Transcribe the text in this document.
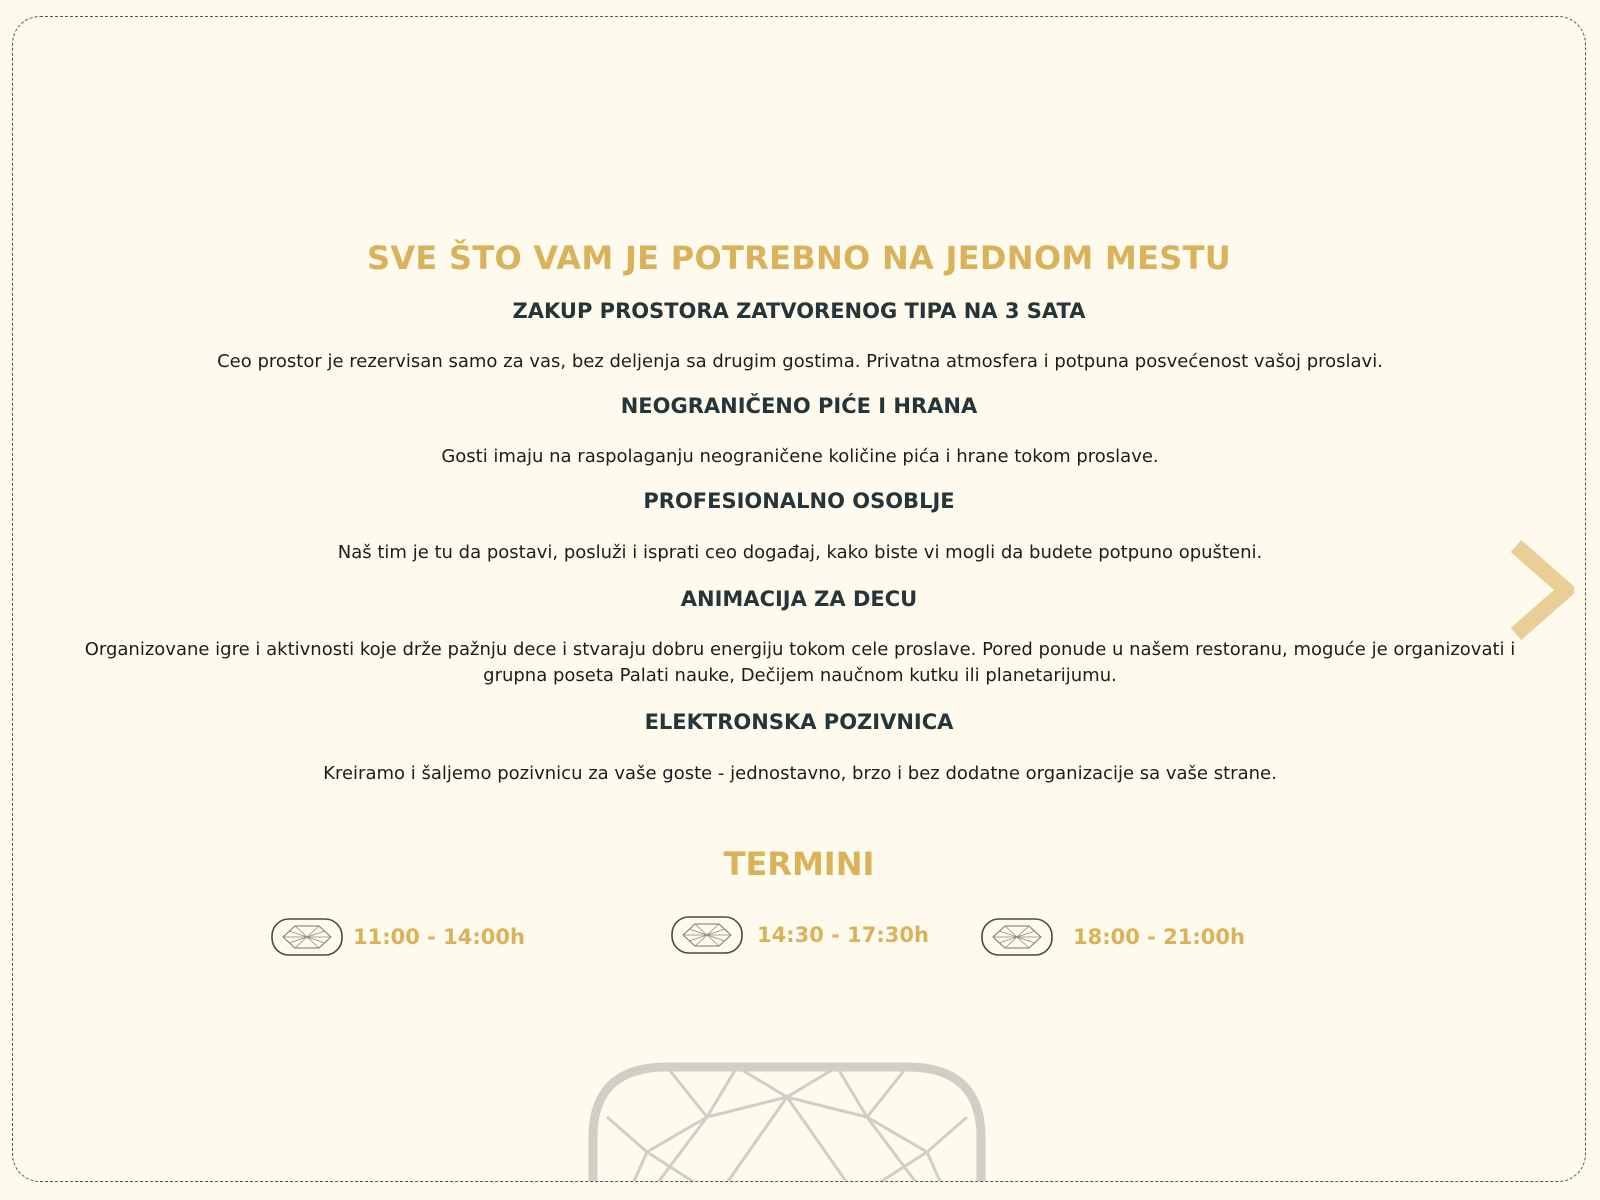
SVE ŠTO VAM JE POTREBNO NA JEDNOM MESTU
ZAKUP PROSTORA ZATVORENOG TIPA NA 3 SATA

Ceo prostor je rezervisan samo za vas, bez deljenja sa drugim gostima. Privatna atmosfera i potpuna posvećenost vašoj proslavi.

NEOGRANIČENO PIĆE I HRANA

Gosti imaju na raspolaganju neograničene količine pića i hrane tokom proslave.

PROFESIONALNO OSOBLJE

Naš tim je tu da postavi, posluži i isprati ceo događaj, kako biste vi mogli da budete potpuno opušteni.

ANIMACIJA ZA DECU

Organizovane igre i aktivnosti koje drže pažnju dece i stvaraju dobru energiju tokom cele proslave. Pored ponude u našem restoranu, moguće je organizovati i grupna poseta Palati nauke, Dečijem naučnom kutku ili planetarijumu.

ELEKTRONSKA POZIVNICA

Kreiramo i šaljemo pozivnicu za vaše goste - jednostavno, brzo i bez dodatne organizacije sa vaše strane.

TERMINI
11:00 - 14:00h	14:30 - 17:30h	18:00 - 21:00h
